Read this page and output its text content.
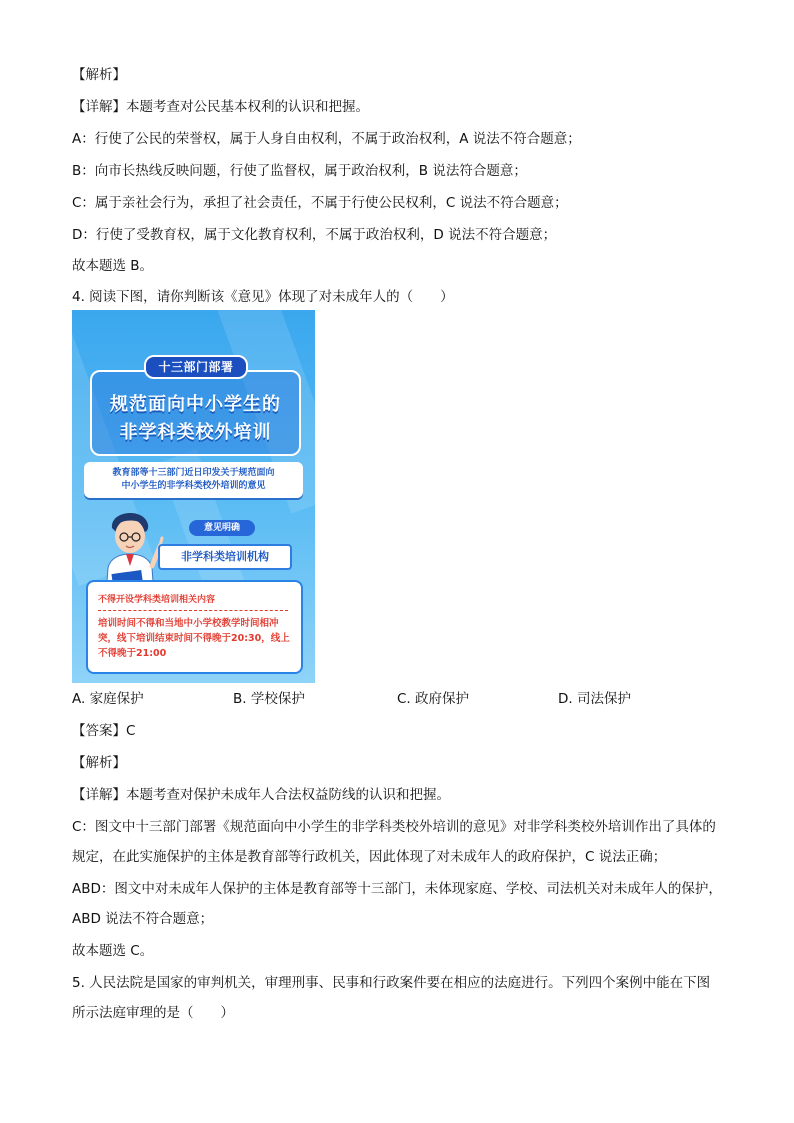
【解析】
【详解】本题考查对公民基本权利的认识和把握。
A：行使了公民的荣誉权，属于人身自由权利，不属于政治权利，A 说法不符合题意；
B：向市长热线反映问题，行使了监督权，属于政治权利，B 说法符合题意；
C：属于亲社会行为，承担了社会责任，不属于行使公民权利，C 说法不符合题意；
D：行使了受教育权，属于文化教育权利，不属于政治权利，D 说法不符合题意；
故本题选 B。
4. 阅读下图，请你判断该《意见》体现了对未成年人的（　　）
规范面向中小学生的
非学科类校外培训
十三部门部署
教育部等十三部门近日印发关于规范面向
中小学生的非学科类校外培训的意见
意见明确
非学科类培训机构
不得开设学科类培训相关内容
培训时间不得和当地中小学校教学时间相冲突，线下培训结束时间不得晚于20:30，线上不得晚于21:00
A. 家庭保护	B. 学校保护	C. 政府保护	D. 司法保护
【答案】C
【解析】
【详解】本题考查对保护未成年人合法权益防线的认识和把握。
C：图文中十三部门部署《规范面向中小学生的非学科类校外培训的意见》对非学科类校外培训作出了具体的规定，在此实施保护的主体是教育部等行政机关，因此体现了对未成年人的政府保护，C 说法正确；
ABD：图文中对未成年人保护的主体是教育部等十三部门，未体现家庭、学校、司法机关对未成年人的保护，ABD 说法不符合题意；
故本题选 C。
5. 人民法院是国家的审判机关，审理刑事、民事和行政案件要在相应的法庭进行。下列四个案例中能在下图所示法庭审理的是（　　）
